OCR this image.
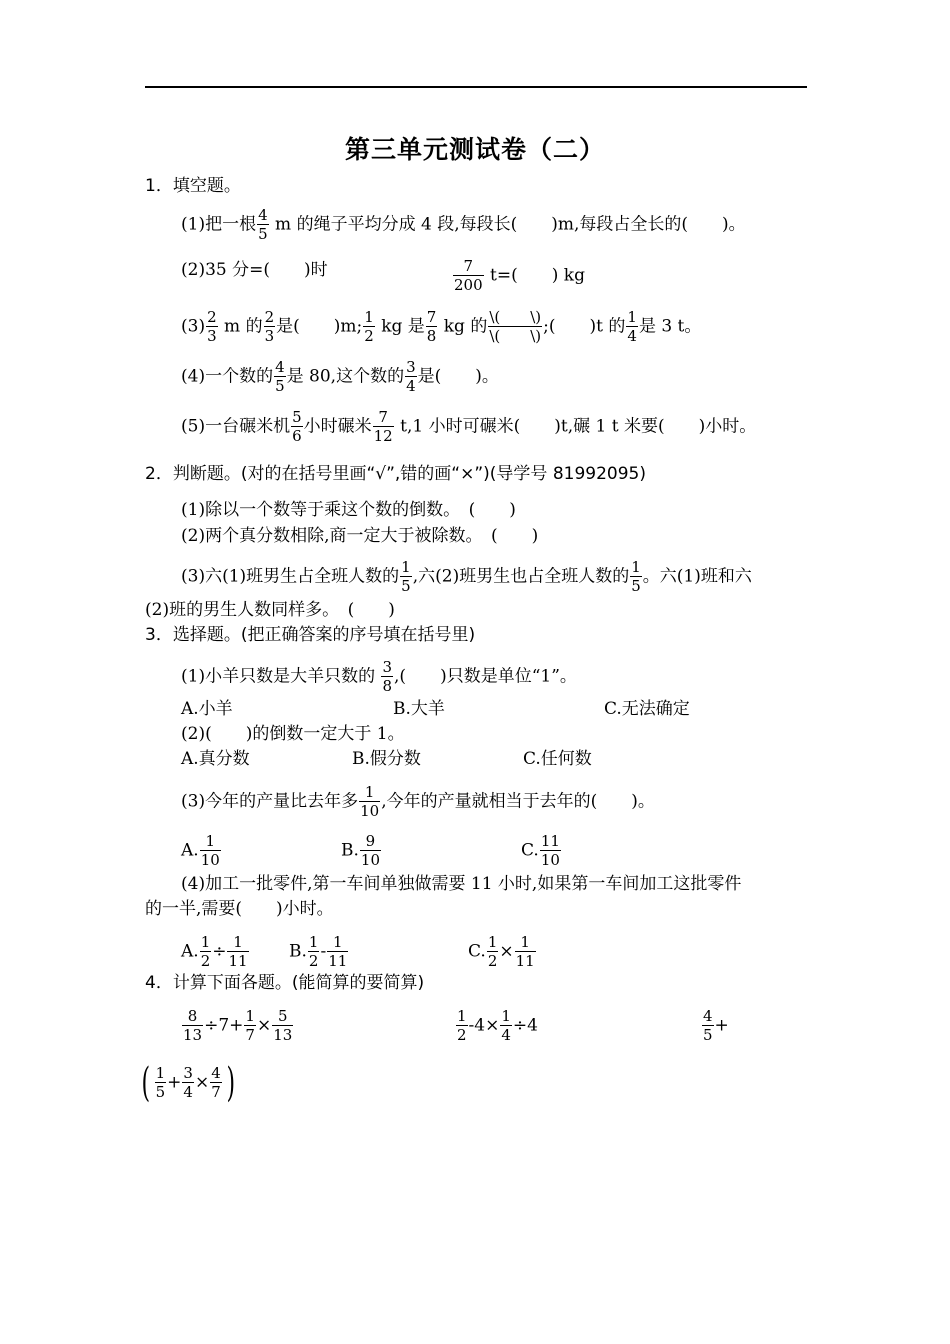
第三单元测试卷（二）
1．填空题。
(1)把一根 $\frac{4}{5}$ m 的绳子平均分成 4 段,每段长(　　)m,每段占全长的(　　)。
(2)35 分=(　　)时	$\frac{7}{200} t=$(　　) kg
$(3) \frac{2}{3}$ m 的 $\frac{2}{3}$ 是(　　)m; $\frac{1}{2}$ kg 是 $\frac{7}{8}$ kg 的 $\frac{\backslash( \backslash)}{\backslash( \backslash)}$ ;(　　)t 的 $\frac{1}{4}$ 是 3 t。
(4)一个数的 $\frac{4}{5}$ 是 80,这个数的 $\frac{3}{4}$ 是(　　)。
(5)一台碾米机 $\frac{5}{6}$ 小时碾米 $\frac{7}{12} t,1$ 小时可碾米(　　)t,碾 1 t 米要(　　)小时。
2．判断题。(对的在括号里画“√”,错的画“×”)(导学号 81992095)
(1)除以一个数等于乘这个数的倒数。　(　　)
(2)两个真分数相除,商一定大于被除数。　(　　)
(3)六(1)班男生占全班人数的 $\frac{1}{5}$ ,六(2)班男生也占全班人数的 $\frac{1}{5}$ 。六(1)班和六
(2)班的男生人数同样多。　(　　)
3．选择题。(把正确答案的序号填在括号里)
(1)小羊只数是大羊只数的 $\frac{3}{8}$ ,(　　)只数是单位“1”。
A.小羊	B.大羊	C.无法确定
(2)(　　)的倒数一定大于 1。
A.真分数	B.假分数	C.任何数
(3)今年的产量比去年多 $\frac{1}{10}$ ,今年的产量就相当于去年的(　　)。
A. $\frac{1}{10}$	B. $\frac{9}{10}$	C. $\frac{11}{10}$
(4)加工一批零件,第一车间单独做需要 11 小时,如果第一车间加工这批零件
的一半,需要(　　)小时。
A. $\frac{1}{2} \div \frac{1}{11} B$. $\frac{1}{2} - \frac{1}{11}$	C. $\frac{1}{2} \times \frac{1}{11}$
4．计算下面各题。(能简算的要简算)
$\frac{8}{13} \div 7+ \frac{1}{7} \times \frac{5}{13}$	$\frac{1}{2} -4\times \frac{1}{4} \div 4$	$\frac{4}{5}$ +
( $\frac{1}{5} + \frac{3}{4} \times \frac{4}{7}$ )
